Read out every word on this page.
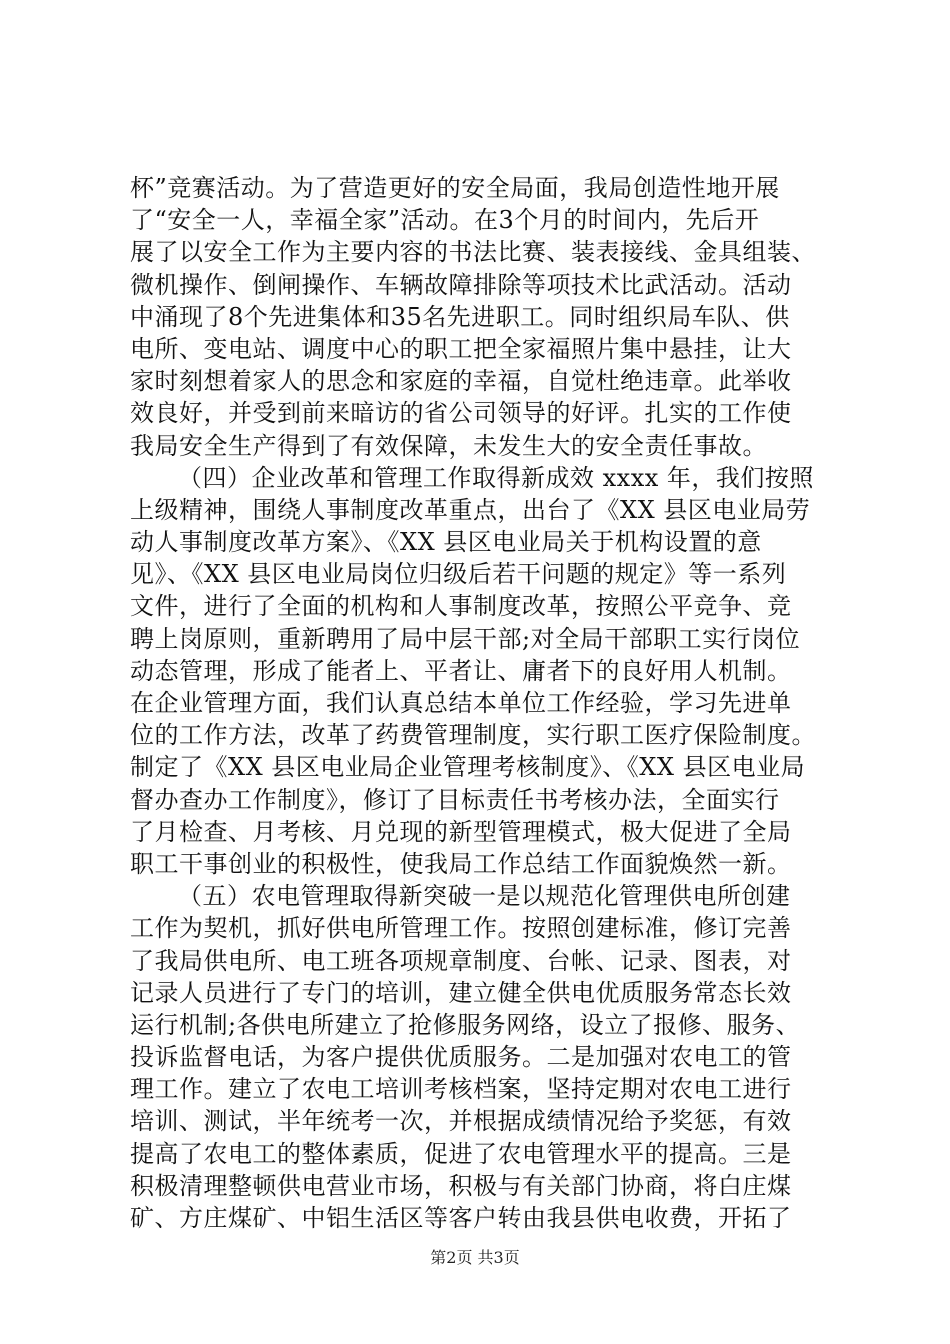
杯”竞赛活动。为了营造更好的安全局面，我局创造性地开展
了“安全一人，幸福全家”活动。在3个月的时间内，先后开
展了以安全工作为主要内容的书法比赛、装表接线、金具组装、
微机操作、倒闸操作、车辆故障排除等项技术比武活动。活动
中涌现了8个先进集体和35名先进职工。同时组织局车队、供
电所、变电站、调度中心的职工把全家福照片集中悬挂，让大
家时刻想着家人的思念和家庭的幸福，自觉杜绝违章。此举收
效良好，并受到前来暗访的省公司领导的好评。扎实的工作使
我局安全生产得到了有效保障，未发生大的安全责任事故。
（四）企业改革和管理工作取得新成效 xxxx 年，我们按照
上级精神，围绕人事制度改革重点，出台了《XX 县区电业局劳
动人事制度改革方案》、《XX 县区电业局关于机构设置的意
见》、《XX 县区电业局岗位归级后若干问题的规定》等一系列
文件，进行了全面的机构和人事制度改革，按照公平竞争、竞
聘上岗原则，重新聘用了局中层干部;对全局干部职工实行岗位
动态管理，形成了能者上、平者让、庸者下的良好用人机制。
在企业管理方面，我们认真总结本单位工作经验，学习先进单
位的工作方法，改革了药费管理制度，实行职工医疗保险制度。
制定了《XX 县区电业局企业管理考核制度》、《XX 县区电业局
督办查办工作制度》，修订了目标责任书考核办法，全面实行
了月检查、月考核、月兑现的新型管理模式，极大促进了全局
职工干事创业的积极性，使我局工作总结工作面貌焕然一新。
（五）农电管理取得新突破一是以规范化管理供电所创建
工作为契机，抓好供电所管理工作。按照创建标准，修订完善
了我局供电所、电工班各项规章制度、台帐、记录、图表，对
记录人员进行了专门的培训，建立健全供电优质服务常态长效
运行机制;各供电所建立了抢修服务网络，设立了报修、服务、
投诉监督电话，为客户提供优质服务。二是加强对农电工的管
理工作。建立了农电工培训考核档案，坚持定期对农电工进行
培训、测试，半年统考一次，并根据成绩情况给予奖惩，有效
提高了农电工的整体素质，促进了农电管理水平的提高。三是
积极清理整顿供电营业市场，积极与有关部门协商，将白庄煤
矿、方庄煤矿、中铝生活区等客户转由我县供电收费，开拓了
第2页 共3页
